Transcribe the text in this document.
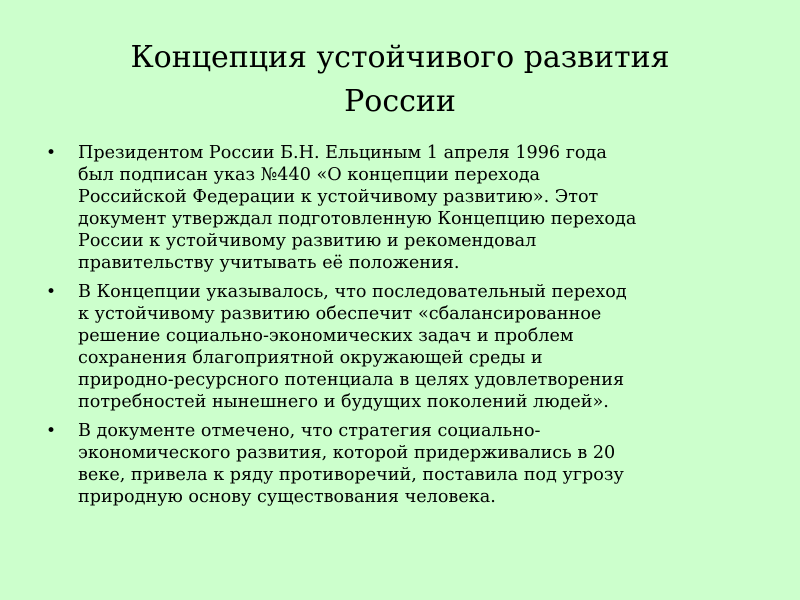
Концепция устойчивого развития
России
• Президентом России Б.Н. Ельциным 1 апреля 1996 года
был подписан указ №440 «О концепции перехода
Российской Федерации к устойчивому развитию». Этот
документ утверждал подготовленную Концепцию перехода
России к устойчивому развитию и рекомендовал
правительству учитывать её положения.
• В Концепции указывалось, что последовательный переход
к устойчивому развитию обеспечит «сбалансированное
решение социально-экономических задач и проблем
сохранения благоприятной окружающей среды и
природно-ресурсного потенциала в целях удовлетворения
потребностей нынешнего и будущих поколений людей».
• В документе отмечено, что стратегия социально-
экономического развития, которой придерживались в 20
веке, привела к ряду противоречий, поставила под угрозу
природную основу существования человека.
